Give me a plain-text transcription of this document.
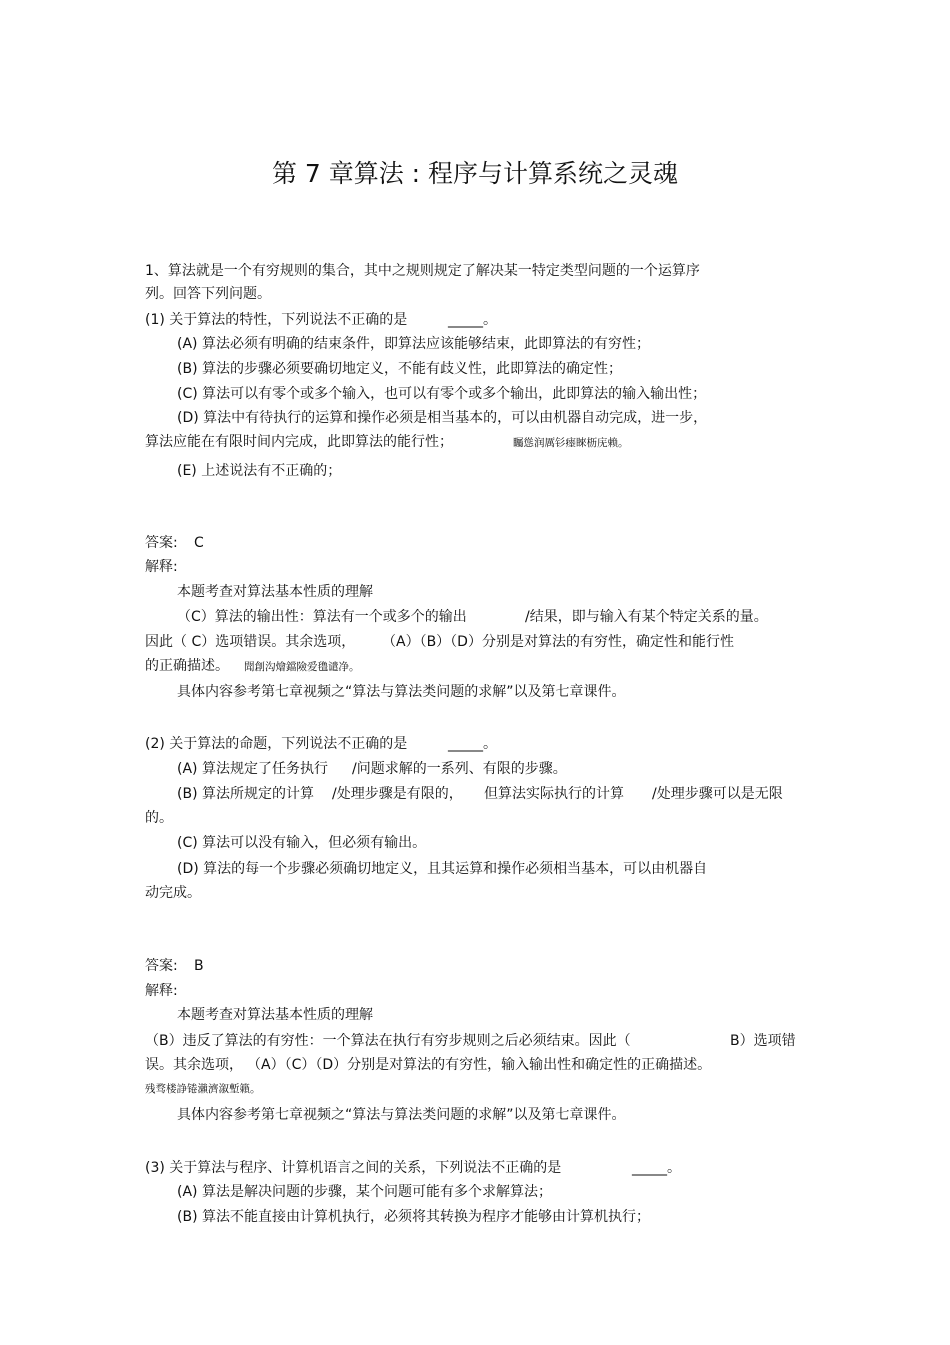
第 7 章算法 : 程序与计算系统之灵魂
1、算法就是一个有穷规则的集合，其中之规则规定了解决某一特定类型问题的一个运算序
列。回答下列问题。
(1) 关于算法的特性，下列说法不正确的是	_____。
(A) 算法必须有明确的结束条件，即算法应该能够结束，此即算法的有穷性；
(B) 算法的步骤必须要确切地定义，不能有歧义性，此即算法的确定性；
(C) 算法可以有零个或多个输入，也可以有零个或多个输出，此即算法的输入输出性；
(D) 算法中有待执行的运算和操作必须是相当基本的，可以由机器自动完成，进一步，
算法应能在有限时间内完成，此即算法的能行性；	矚慫润厲钐瘗睞枥庑赖。
(E) 上述说法有不正确的；
答案: C
解释:
本题考查对算法基本性质的理解
（C）算法的输出性：算法有一个或多个的输出	/结果，即与输入有某个特定关系的量。
因此（ C）选项错误。其余选项， （A）（B）（D）分别是对算法的有穷性，确定性和能行性
的正确描述。 聞創沟燴鐺險爱氇谴净。
具体内容参考第七章视频之“算法与算法类问题的求解”以及第七章课件。
(2) 关于算法的命题，下列说法不正确的是	_____。
(A) 算法规定了任务执行 /问题求解的一系列、有限的步骤。
(B) 算法所规定的计算 /处理步骤是有限的， 但算法实际执行的计算 /处理步骤可以是无限
的。
(C) 算法可以没有输入，但必须有输出。
(D) 算法的每一个步骤必须确切地定义，且其运算和操作必须相当基本，可以由机器自
动完成。
答案: B
解释:
本题考查对算法基本性质的理解
（B）违反了算法的有穷性：一个算法在执行有穷步规则之后必须结束。因此（	B）选项错
误。其余选项， （A）（C）（D）分别是对算法的有穷性，输入输出性和确定性的正确描述。
残骛楼諍锩瀨濟溆塹籟。
具体内容参考第七章视频之“算法与算法类问题的求解”以及第七章课件。
(3) 关于算法与程序、计算机语言之间的关系，下列说法不正确的是	_____。
(A) 算法是解决问题的步骤，某个问题可能有多个求解算法；
(B) 算法不能直接由计算机执行，必须将其转换为程序才能够由计算机执行；
